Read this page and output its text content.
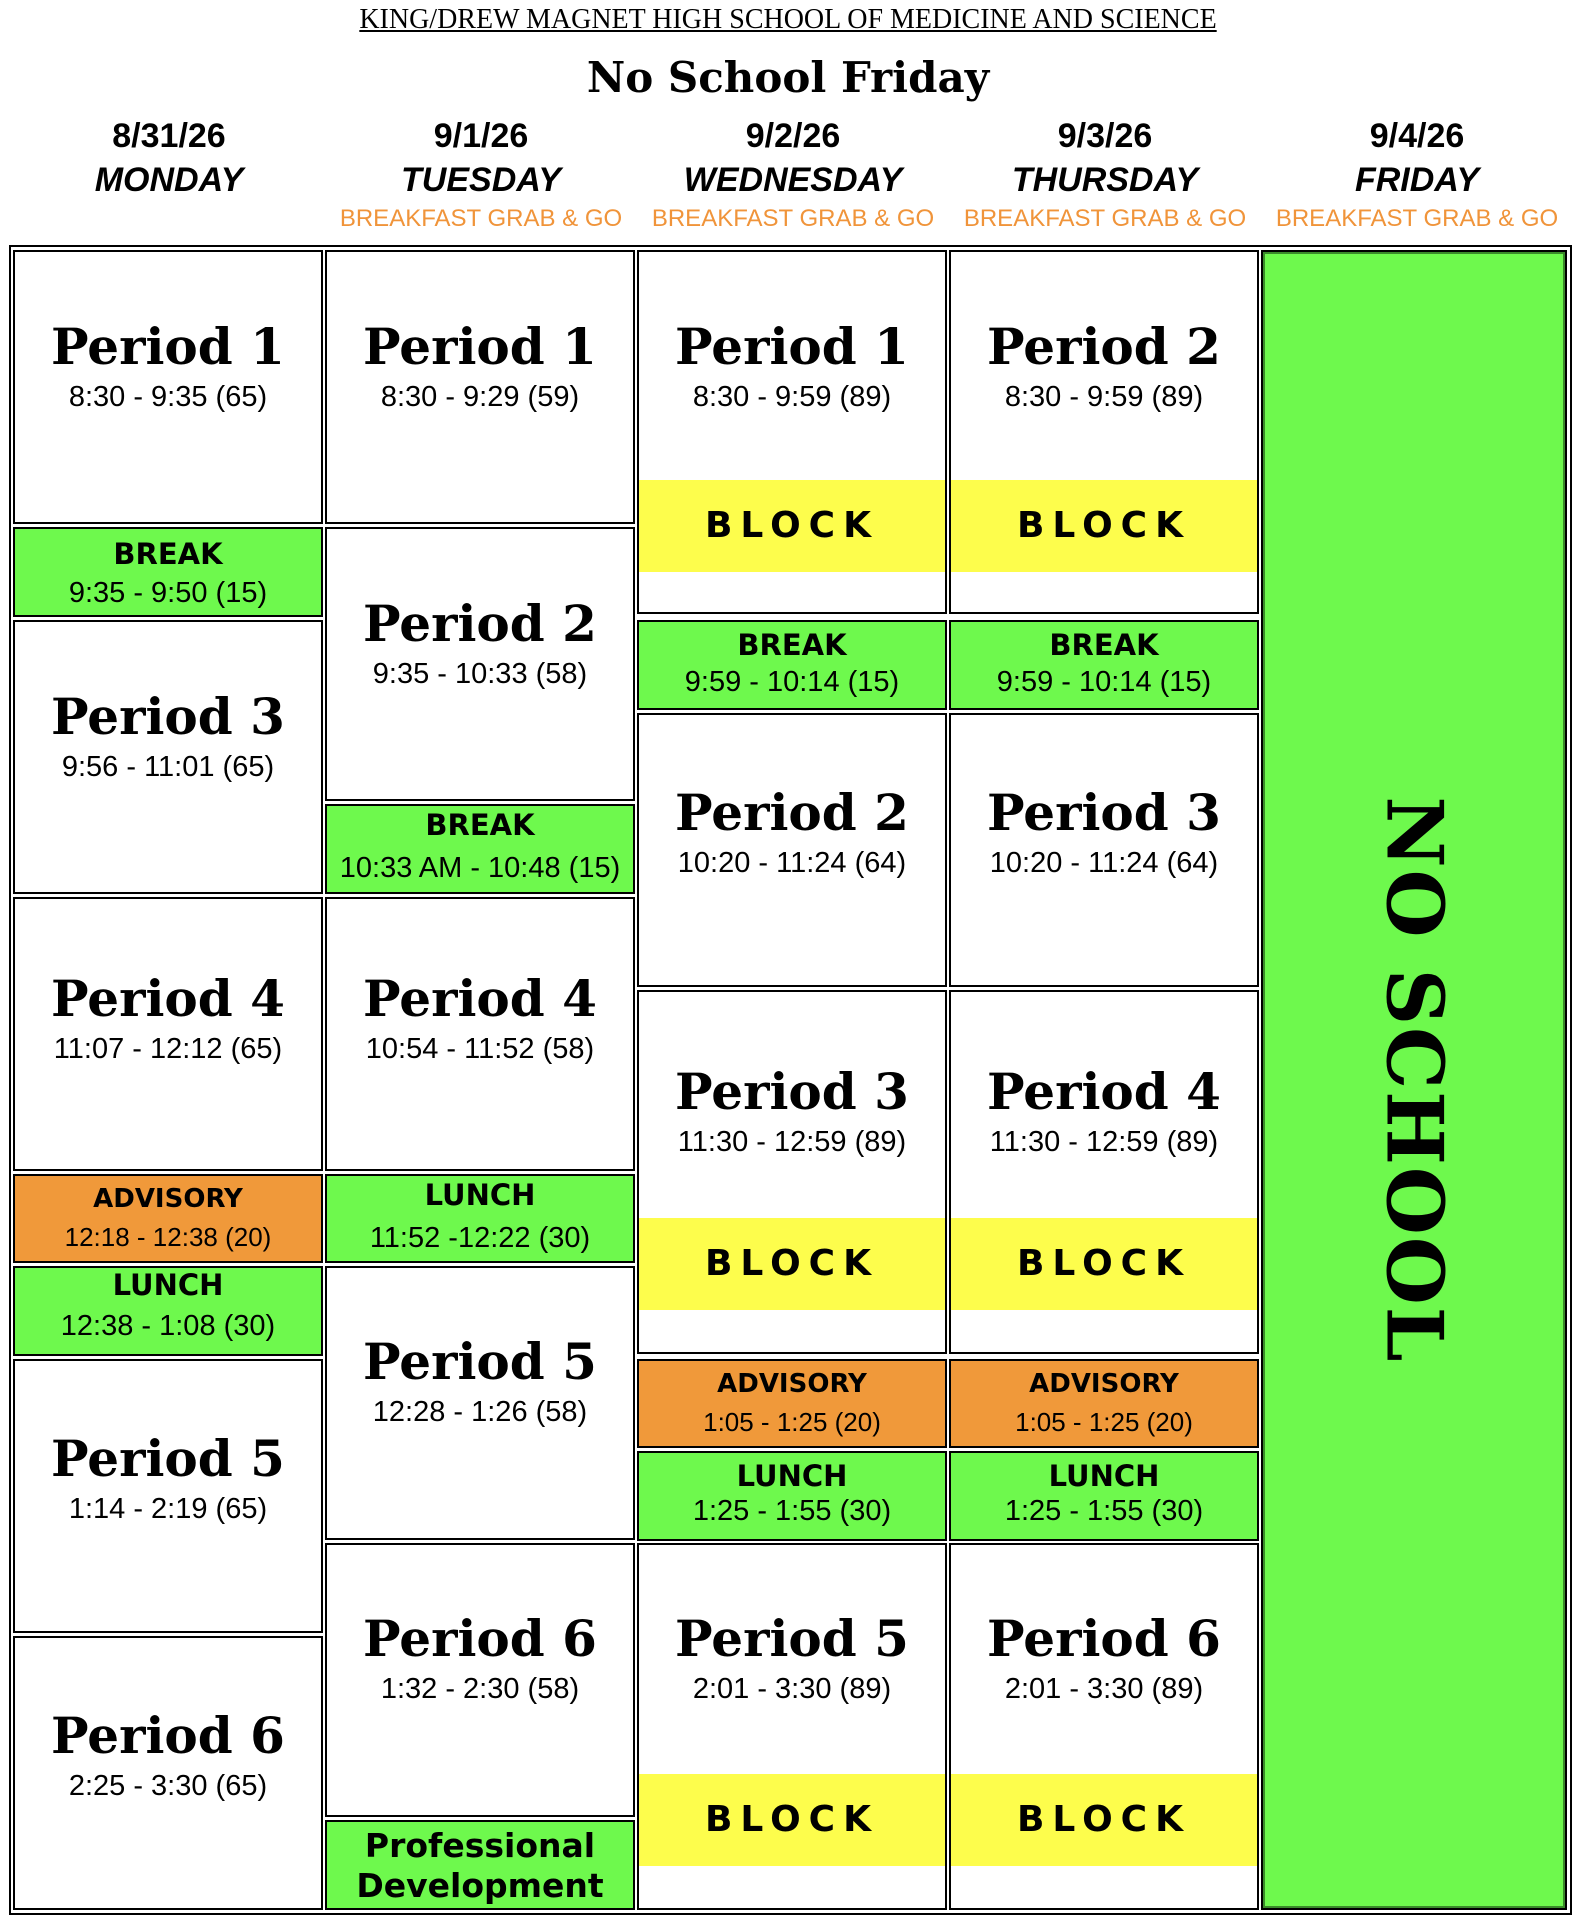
KING/DREW MAGNET HIGH SCHOOL OF MEDICINE AND SCIENCE
No School Friday
8/31/26
MONDAY
9/1/26
TUESDAY
BREAKFAST GRAB & GO
9/2/26
WEDNESDAY
BREAKFAST GRAB & GO
9/3/26
THURSDAY
BREAKFAST GRAB & GO
9/4/26
FRIDAY
BREAKFAST GRAB & GO
Period 1
8:30 - 9:35 (65)
BREAK
9:35 - 9:50 (15)
Period 3
9:56 - 11:01 (65)
Period 4
11:07 - 12:12 (65)
ADVISORY
12:18 - 12:38 (20)
LUNCH
12:38 - 1:08 (30)
Period 5
1:14 - 2:19 (65)
Period 6
2:25 - 3:30 (65)
Period 1
8:30 - 9:29 (59)
Period 2
9:35 - 10:33 (58)
BREAK
10:33 AM - 10:48 (15)
Period 4
10:54 - 11:52 (58)
LUNCH
11:52 -12:22 (30)
Period 5
12:28 - 1:26 (58)
Period 6
1:32 - 2:30 (58)
Professional
Development
Period 1
8:30 - 9:59 (89)
BLOCK
BREAK
9:59 - 10:14 (15)
Period 2
10:20 - 11:24 (64)
Period 3
11:30 - 12:59 (89)
BLOCK
ADVISORY
1:05 - 1:25 (20)
LUNCH
1:25 - 1:55 (30)
Period 5
2:01 - 3:30 (89)
BLOCK
Period 2
8:30 - 9:59 (89)
BLOCK
BREAK
9:59 - 10:14 (15)
Period 3
10:20 - 11:24 (64)
Period 4
11:30 - 12:59 (89)
BLOCK
ADVISORY
1:05 - 1:25 (20)
LUNCH
1:25 - 1:55 (30)
Period 6
2:01 - 3:30 (89)
BLOCK
NO SCHOOL
